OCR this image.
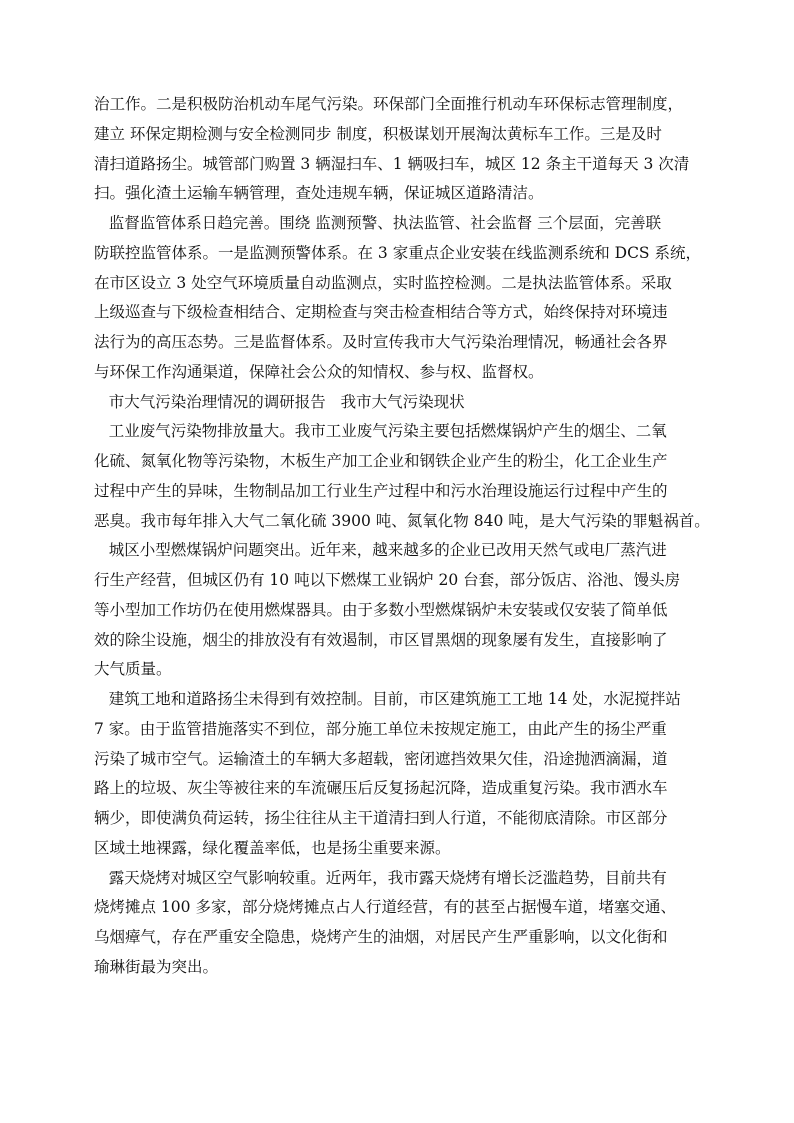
治工作。二是积极防治机动车尾气污染。环保部门全面推行机动车环保标志管理制度，
建立 环保定期检测与安全检测同步 制度，积极谋划开展淘汰黄标车工作。三是及时
清扫道路扬尘。城管部门购置 3 辆湿扫车、1 辆吸扫车，城区 12 条主干道每天 3 次清
扫。强化渣土运输车辆管理，查处违规车辆，保证城区道路清洁。
监督监管体系日趋完善。围绕 监测预警、执法监管、社会监督 三个层面，完善联
防联控监管体系。一是监测预警体系。在 3 家重点企业安装在线监测系统和 DCS 系统，
在市区设立 3 处空气环境质量自动监测点，实时监控检测。二是执法监管体系。采取
上级巡查与下级检查相结合、定期检查与突击检查相结合等方式，始终保持对环境违
法行为的高压态势。三是监督体系。及时宣传我市大气污染治理情况，畅通社会各界
与环保工作沟通渠道，保障社会公众的知情权、参与权、监督权。
市大气污染治理情况的调研报告   我市大气污染现状
工业废气污染物排放量大。我市工业废气污染主要包括燃煤锅炉产生的烟尘、二氧
化硫、氮氧化物等污染物，木板生产加工企业和钢铁企业产生的粉尘，化工企业生产
过程中产生的异味，生物制品加工行业生产过程中和污水治理设施运行过程中产生的
恶臭。我市每年排入大气二氧化硫 3900 吨、氮氧化物 840 吨，是大气污染的罪魁祸首。
城区小型燃煤锅炉问题突出。近年来，越来越多的企业已改用天然气或电厂蒸汽进
行生产经营，但城区仍有 10 吨以下燃煤工业锅炉 20 台套，部分饭店、浴池、馒头房
等小型加工作坊仍在使用燃煤器具。由于多数小型燃煤锅炉未安装或仅安装了简单低
效的除尘设施，烟尘的排放没有有效遏制，市区冒黑烟的现象屡有发生，直接影响了
大气质量。
建筑工地和道路扬尘未得到有效控制。目前，市区建筑施工工地 14 处，水泥搅拌站
7 家。由于监管措施落实不到位，部分施工单位未按规定施工，由此产生的扬尘严重
污染了城市空气。运输渣土的车辆大多超载，密闭遮挡效果欠佳，沿途抛洒滴漏，道
路上的垃圾、灰尘等被往来的车流碾压后反复扬起沉降，造成重复污染。我市洒水车
辆少，即使满负荷运转，扬尘往往从主干道清扫到人行道，不能彻底清除。市区部分
区域土地裸露，绿化覆盖率低，也是扬尘重要来源。
露天烧烤对城区空气影响较重。近两年，我市露天烧烤有增长泛滥趋势，目前共有
烧烤摊点 100 多家，部分烧烤摊点占人行道经营，有的甚至占据慢车道，堵塞交通、
乌烟瘴气，存在严重安全隐患，烧烤产生的油烟，对居民产生严重影响，以文化街和
瑜琳街最为突出。
